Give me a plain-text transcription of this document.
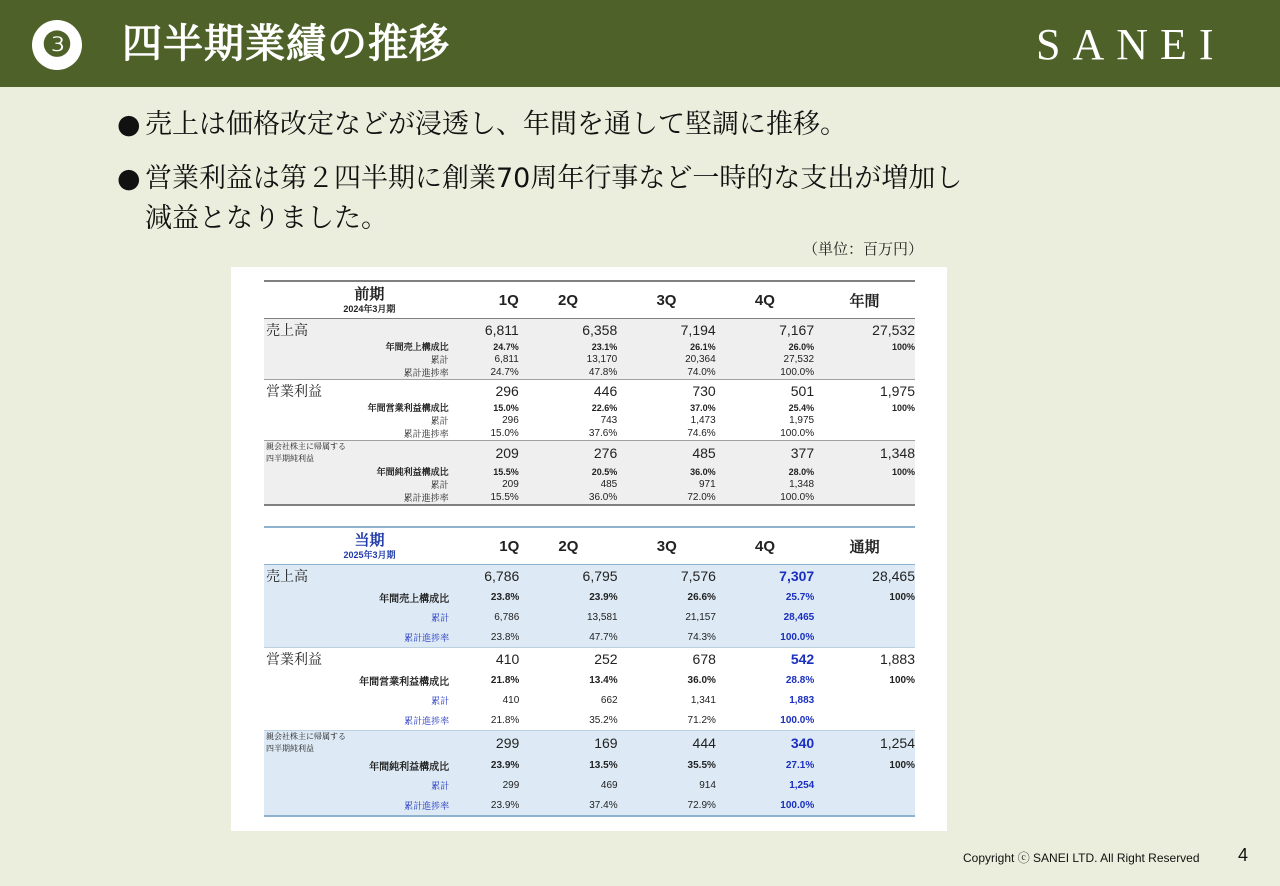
❸ 四半期業績の推移	SANEI
● 売上は価格改定などが浸透し、年間を通して堅調に推移。
● 営業利益は第２四半期に創業70周年行事など一時的な支出が増加し
減益となりました。
（単位：百万円）
前期
2024年3月期	1Q	2Q	3Q	4Q	年間
売上高	6,811	6,358	7,194	7,167	27,532
年間売上構成比	24.7%	23.1%	26.1%	26.0%	100%
累計	6,811	13,170	20,364	27,532	
累計進捗率	24.7%	47.8%	74.0%	100.0%	
営業利益	296	446	730	501	1,975
年間営業利益構成比	15.0%	22.6%	37.0%	25.4%	100%
累計	296	743	1,473	1,975	
累計進捗率	15.0%	37.6%	74.6%	100.0%	

親会社株主に帰属する
四半期純利益	209	276	485	377	1,348
年間純利益構成比	15.5%	20.5%	36.0%	28.0%	100%
累計	209	485	971	1,348	
累計進捗率	15.5%	36.0%	72.0%	100.0%	
当期
2025年3月期	1Q	2Q	3Q	4Q	通期
売上高	6,786	6,795	7,576	7,307	28,465
年間売上構成比	23.8%	23.9%	26.6%	25.7%	100%
累計	6,786	13,581	21,157	28,465	
累計進捗率	23.8%	47.7%	74.3%	100.0%	
営業利益	410	252	678	542	1,883
年間営業利益構成比	21.8%	13.4%	36.0%	28.8%	100%
累計	410	662	1,341	1,883	
累計進捗率	21.8%	35.2%	71.2%	100.0%	

親会社株主に帰属する
四半期純利益	299	169	444	340	1,254
年間純利益構成比	23.9%	13.5%	35.5%	27.1%	100%
累計	299	469	914	1,254	
累計進捗率	23.9%	37.4%	72.9%	100.0%	
Copyright ⓒ SANEI LTD. All Right Reserved 4
